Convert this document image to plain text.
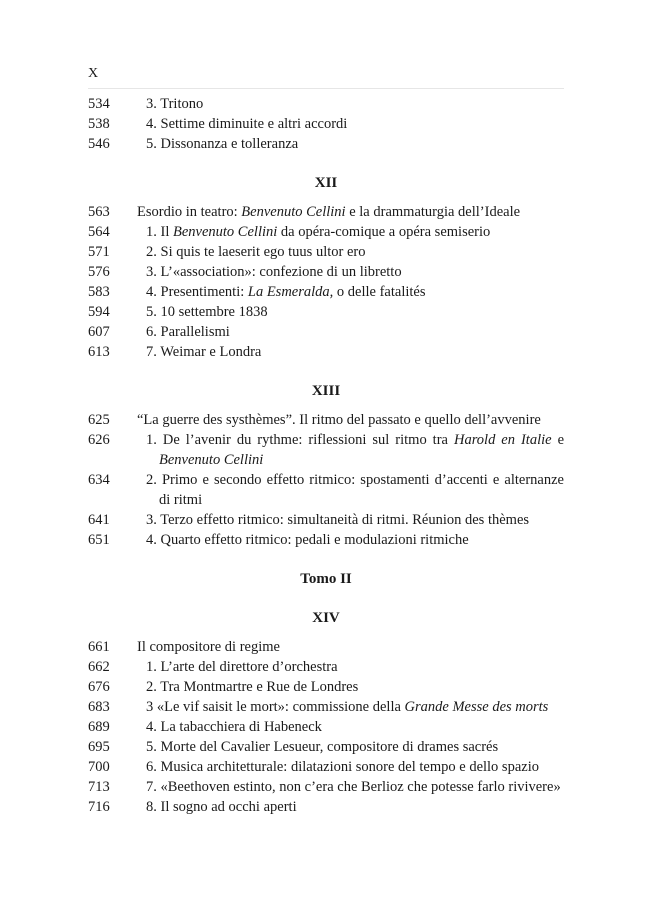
X
534	3. Tritono
538	4. Settime diminuite e altri accordi
546	5. Dissonanza e tolleranza
XII
563	Esordio in teatro: Benvenuto Cellini e la drammaturgia dell’Ideale
564	1. Il Benvenuto Cellini da opéra-comique a opéra semiserio
571	2. Si quis te laeserit ego tuus ultor ero
576	3. L’«association»: confezione di un libretto
583	4. Presentimenti: La Esmeralda, o delle fatalités
594	5. 10 settembre 1838
607	6. Parallelismi
613	7. Weimar e Londra
XIII
625	“La guerre des systhèmes”. Il ritmo del passato e quello dell’avvenire
626	1. De l’avenir du rythme: riflessioni sul ritmo tra Harold en Italie e Benvenuto Cellini
634	2. Primo e secondo effetto ritmico: spostamenti d’accenti e alternanze di ritmi
641	3. Terzo effetto ritmico: simultaneità di ritmi. Réunion des thèmes
651	4. Quarto effetto ritmico: pedali e modulazioni ritmiche
Tomo II
XIV
661	Il compositore di regime
662	1. L’arte del direttore d’orchestra
676	2. Tra Montmartre e Rue de Londres
683	3 «Le vif saisit le mort»: commissione della Grande Messe des morts
689	4. La tabacchiera di Habeneck
695	5. Morte del Cavalier Lesueur, compositore di drames sacrés
700	6. Musica architetturale: dilatazioni sonore del tempo e dello spazio
713	7. «Beethoven estinto, non c’era che Berlioz che potesse farlo rivivere»
716	8. Il sogno ad occhi aperti
